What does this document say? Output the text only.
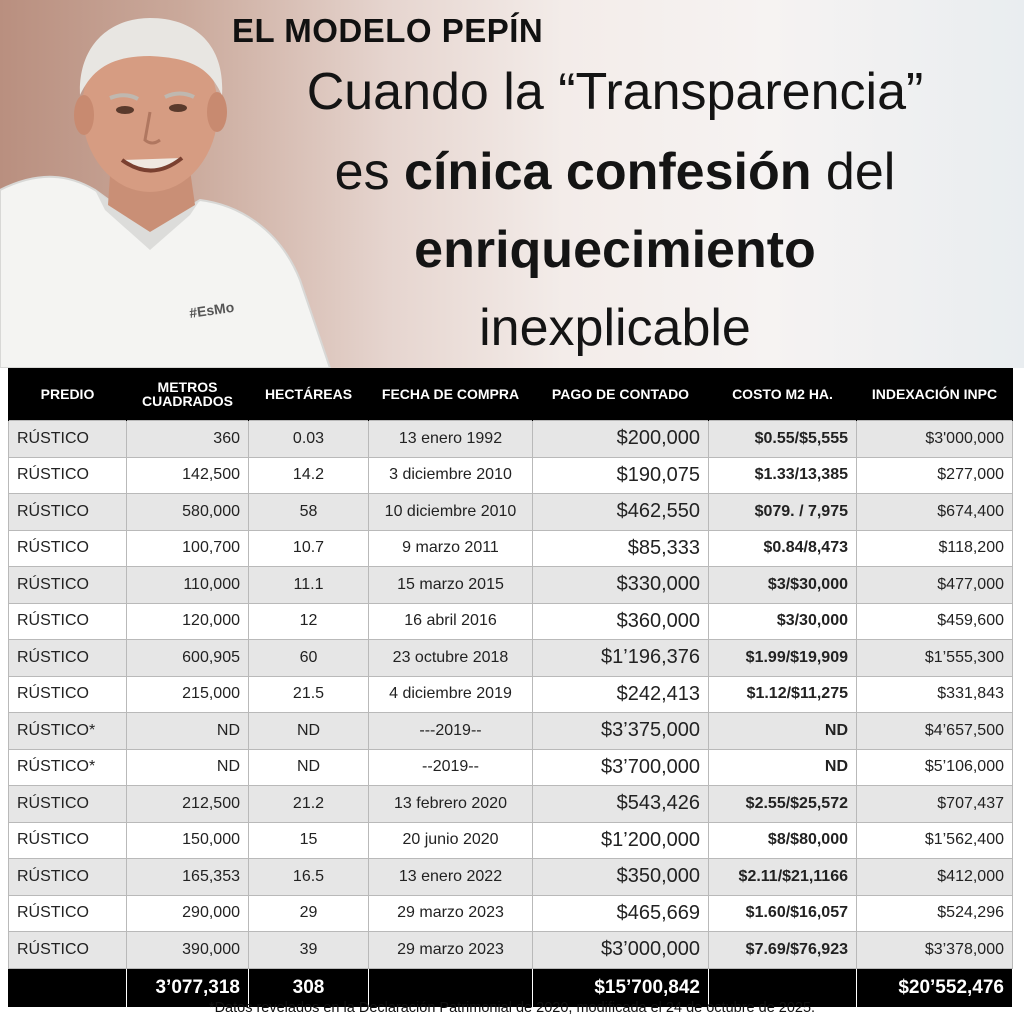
#EsMo
EL MODELO PEPÍN
Cuando la “Transparencia”
es cínica confesión del
enriquecimiento
inexplicable
PREDIO	METROS CUADRADOS	HECTÁREAS	FECHA DE COMPRA	PAGO DE CONTADO	COSTO M2 HA.	INDEXACIÓN INPC
RÚSTICO	360	0.03	13 enero 1992	$200,000	$0.55/$5,555	$3'000,000
RÚSTICO	142,500	14.2	3 diciembre 2010	$190,075	$1.33/13,385	$277,000
RÚSTICO	580,000	58	10 diciembre 2010	$462,550	$079. / 7,975	$674,400
RÚSTICO	100,700	10.7	9 marzo 2011	$85,333	$0.84/8,473	$118,200
RÚSTICO	110,000	11.1	15 marzo 2015	$330,000	$3/$30,000	$477,000
RÚSTICO	120,000	12	16 abril 2016	$360,000	$3/30,000	$459,600
RÚSTICO	600,905	60	23 octubre 2018	$1’196,376	$1.99/$19,909	$1’555,300
RÚSTICO	215,000	21.5	4 diciembre 2019	$242,413	$1.12/$11,275	$331,843
RÚSTICO*	ND	ND	---2019--	$3’375,000	ND	$4’657,500
RÚSTICO*	ND	ND	--2019--	$3’700,000	ND	$5’106,000
RÚSTICO	212,500	21.2	13 febrero 2020	$543,426	$2.55/$25,572	$707,437
RÚSTICO	150,000	15	20 junio 2020	$1’200,000	$8/$80,000	$1’562,400
RÚSTICO	165,353	16.5	13 enero 2022	$350,000	$2.11/$21,1166	$412,000
RÚSTICO	290,000	29	29 marzo 2023	$465,669	$1.60/$16,057	$524,296
RÚSTICO	390,000	39	29 marzo 2023	$3’000,000	$7.69/$76,923	$3’378,000
	3’077,318	308		$15’700,842		$20’552,476
*Datos revelados en la Declaración Patrimonial de 2020, modificada el 24 de octubre de 2025.
